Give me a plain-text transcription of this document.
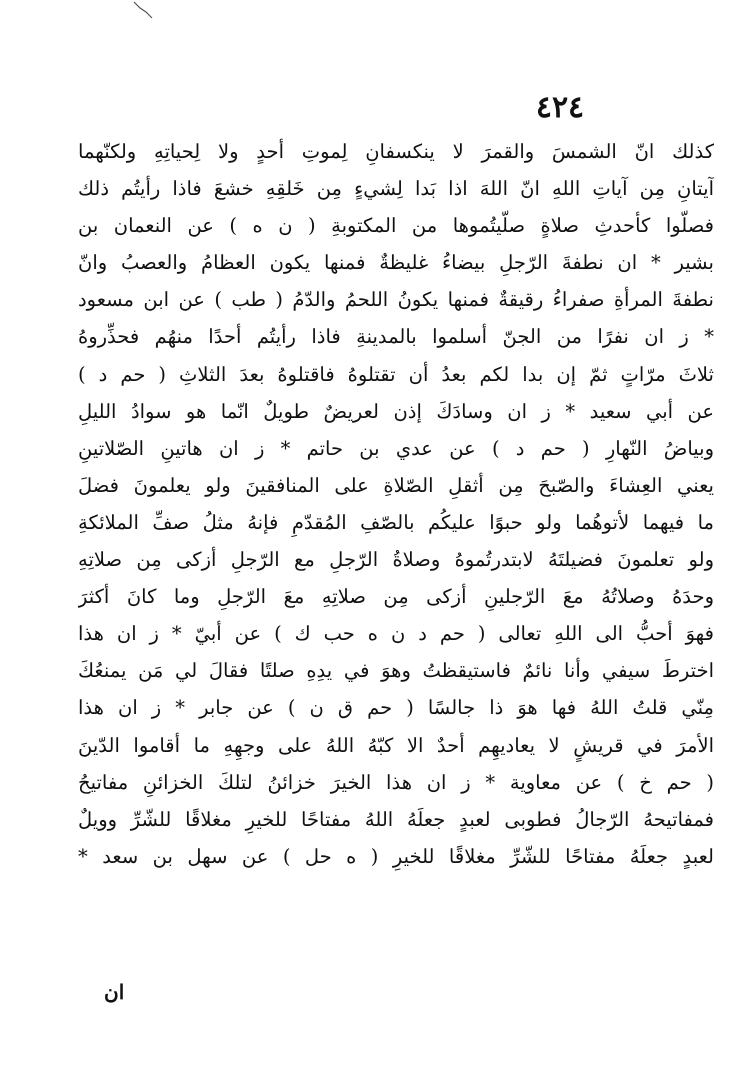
٤٢٤
كذلك انّ الشمسَ والقمرَ لا ينكسفانِ لِموتِ أحدٍ ولا لِحياتِهِ ولكنّهما
آيتانِ مِن آياتِ اللهِ انّ اللهَ اذا بَدا لِشيءٍ مِن خَلقِهِ خشعَ فاذا رأيتُم ذلك
فصلّوا كأحدثِ صلاةٍ صلّيتُموها من المكتوبةِ ( ن ه ) عن النعمان بن
بشير * ان نطفةَ الرّجلِ بيضاءُ غليظةٌ فمنها يكون العظامُ والعصبُ وانّ
نطفةَ المرأةِ صفراءُ رقيقةٌ فمنها يكونُ اللحمُ والدّمُ ( طب ) عن ابن مسعود
* ز ان نفرًا من الجنّ أسلموا بالمدينةِ فاذا رأيتُم أحدًا منهُم فحذِّروهُ
ثلاثَ مرّاتٍ ثمّ إن بدا لكم بعدُ أن تقتلوهُ فاقتلوهُ بعدَ الثلاثِ ( حم د )
عن أبي سعيد * ز ان وسادَكَ إذن لعريضٌ طويلٌ انّما هو سوادُ الليلِ
وبياضُ النّهارِ ( حم د ) عن عدي بن حاتم * ز ان هاتينِ الصّلاتينِ
يعني العِشاءَ والصّبحَ مِن أثقلِ الصّلاةِ على المنافقينَ ولو يعلمونَ فضلَ
ما فيهما لأتوهُما ولو حبوًا عليكُم بالصّفِ المُقدّمِ فإنهُ مثلُ صفِّ الملائكةِ
ولو تعلمونَ فضيلتَهُ لابتدرتُموهُ وصلاةُ الرّجلِ مع الرّجلِ أزكى مِن صلاتِهِ
وحدَهُ وصلاتُهُ معَ الرّجلينِ أزكى مِن صلاتِهِ معَ الرّجلِ وما كانَ أكثرَ
فهوَ أحبُّ الى اللهِ تعالى ( حم د ن ه حب ك ) عن أبيّ * ز ان هذا
اخترطَ سيفي وأنا نائمٌ فاستيقظتُ وهوَ في يدِهِ صلتًا فقالَ لي مَن يمنعُكَ
مِنّي قلتُ اللهُ فها هوَ ذا جالسًا ( حم ق ن ) عن جابر * ز ان هذا
الأمرَ في قريشٍ لا يعاديهِم أحدٌ الا كبّهُ اللهُ على وجهِهِ ما أقاموا الدّينَ
( حم خ ) عن معاوية * ز ان هذا الخيرَ خزائنُ لتلكَ الخزائنِ مفاتيحُ
فمفاتيحهُ الرّجالُ فطوبى لعبدٍ جعلَهُ اللهُ مفتاحًا للخيرِ مغلاقًا للشّرِّ وويلٌ
لعبدٍ جعلَهُ مفتاحًا للشّرِّ مغلاقًا للخيرِ ( ه حل ) عن سهل بن سعد *
ان
